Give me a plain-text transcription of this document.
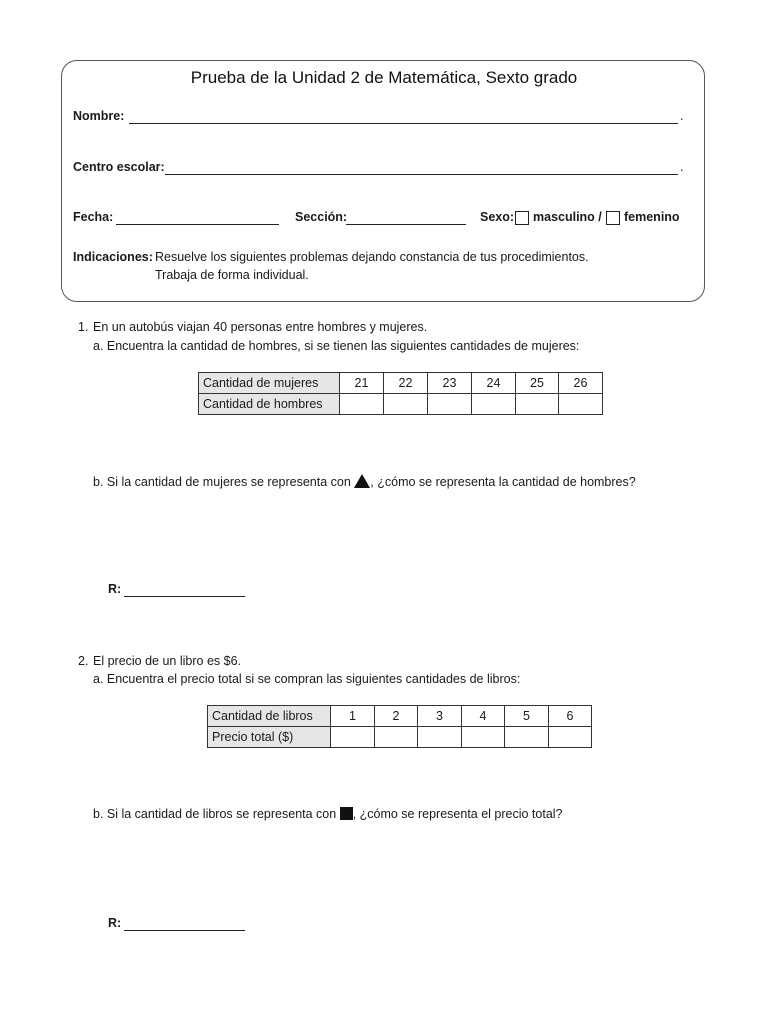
Prueba de la Unidad 2 de Matemática, Sexto grado
Nombre:	.
Centro escolar:	.
Fecha:	Sección:	Sexo: masculino / femenino
Indicaciones: Resuelve los siguientes problemas dejando constancia de tus procedimientos.
Trabaja de forma individual.
1. En un autobús viajan 40 personas entre hombres y mujeres.
a. Encuentra la cantidad de hombres, si se tienen las siguientes cantidades de mujeres:
Cantidad de mujeres	21	22	23	24	25	26
Cantidad de hombres						
b. Si la cantidad de mujeres se representa con , ¿cómo se representa la cantidad de hombres?
R:
2. El precio de un libro es $6.
a. Encuentra el precio total si se compran las siguientes cantidades de libros:
Cantidad de libros	1	2	3	4	5	6
Precio total ($)						
b. Si la cantidad de libros se representa con , ¿cómo se representa el precio total?
R:
